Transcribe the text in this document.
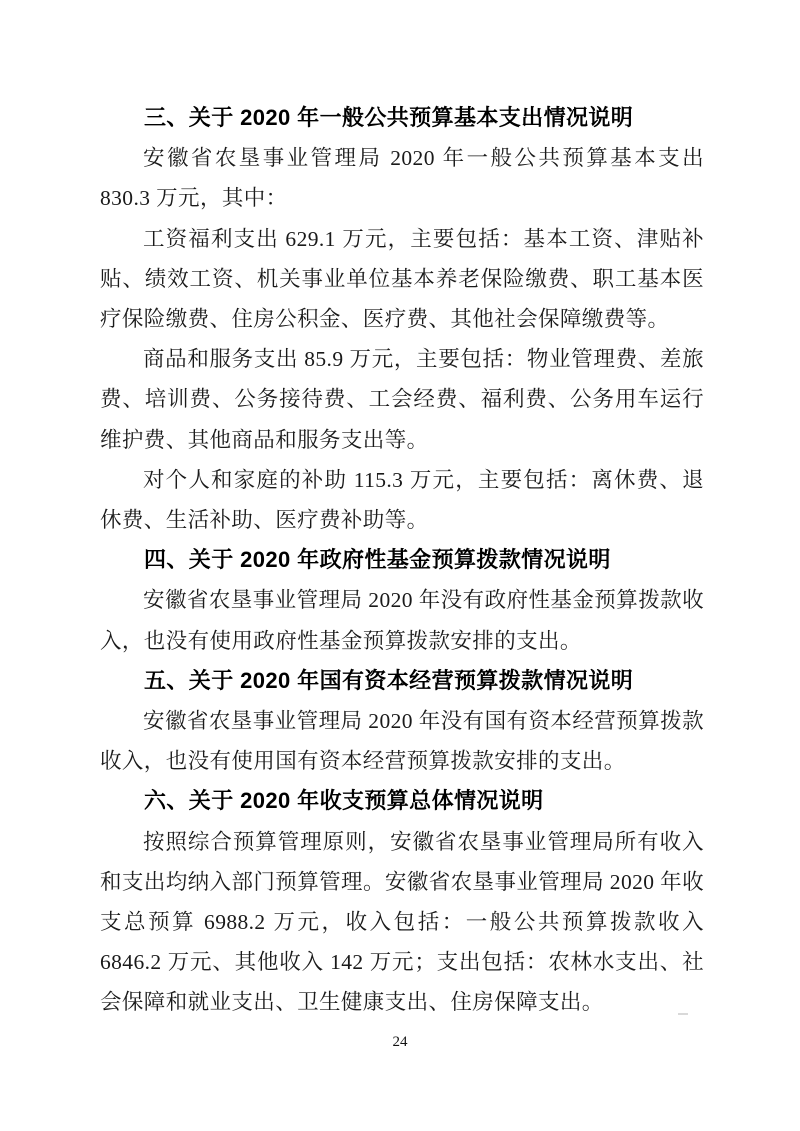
三、关于 2020 年一般公共预算基本支出情况说明

安徽省农垦事业管理局 2020 年一般公共预算基本支出 830.3 万元，其中：

工资福利支出 629.1 万元，主要包括：基本工资、津贴补贴、绩效工资、机关事业单位基本养老保险缴费、职工基本医疗保险缴费、住房公积金、医疗费、其他社会保障缴费等。

商品和服务支出 85.9 万元，主要包括：物业管理费、差旅费、培训费、公务接待费、工会经费、福利费、公务用车运行维护费、其他商品和服务支出等。

对个人和家庭的补助 115.3 万元，主要包括：离休费、退休费、生活补助、医疗费补助等。

四、关于 2020 年政府性基金预算拨款情况说明

安徽省农垦事业管理局 2020 年没有政府性基金预算拨款收入，也没有使用政府性基金预算拨款安排的支出。

五、关于 2020 年国有资本经营预算拨款情况说明

安徽省农垦事业管理局 2020 年没有国有资本经营预算拨款收入，也没有使用国有资本经营预算拨款安排的支出。

六、关于 2020 年收支预算总体情况说明

按照综合预算管理原则，安徽省农垦事业管理局所有收入和支出均纳入部门预算管理。安徽省农垦事业管理局 2020 年收支总预算 6988.2 万元，收入包括：一般公共预算拨款收入 6846.2 万元、其他收入 142 万元；支出包括：农林水支出、社会保障和就业支出、卫生健康支出、住房保障支出。

24
